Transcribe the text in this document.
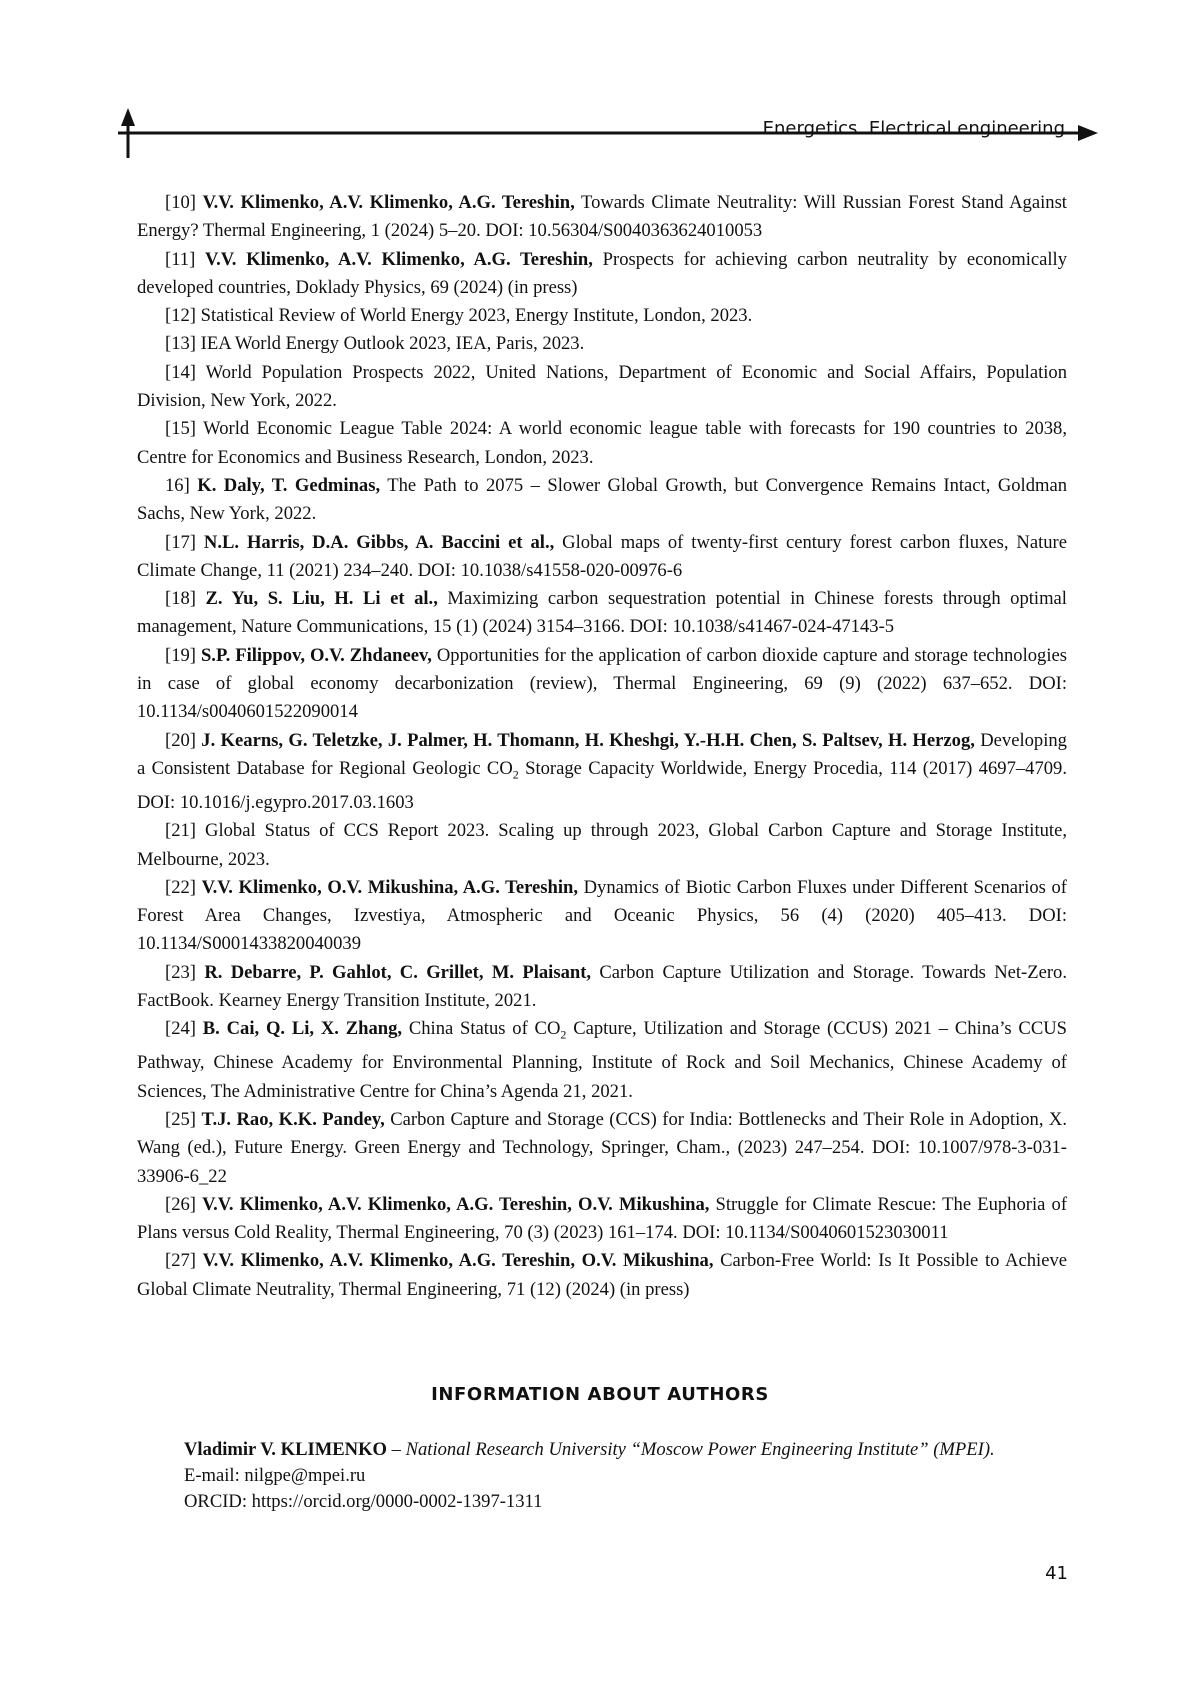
Energetics. Electrical engineering

[10] V.V. Klimenko, A.V. Klimenko, A.G. Tereshin, Towards Climate Neutrality: Will Russian Forest Stand Against Energy? Thermal Engineering, 1 (2024) 5–20. DOI: 10.56304/S0040363624010053

[11] V.V. Klimenko, A.V. Klimenko, A.G. Tereshin, Prospects for achieving carbon neutrality by economically developed countries, Doklady Physics, 69 (2024) (in press)

[12] Statistical Review of World Energy 2023, Energy Institute, London, 2023.

[13] IEA World Energy Outlook 2023, IEA, Paris, 2023.

[14] World Population Prospects 2022, United Nations, Department of Economic and Social Affairs, Population Division, New York, 2022.

[15] World Economic League Table 2024: A world economic league table with forecasts for 190 countries to 2038, Centre for Economics and Business Research, London, 2023.

16] K. Daly, T. Gedminas, The Path to 2075 – Slower Global Growth, but Convergence Remains Intact, Goldman Sachs, New York, 2022.

[17] N.L. Harris, D.A. Gibbs, A. Baccini et al., Global maps of twenty-first century forest carbon fluxes, Nature Climate Change, 11 (2021) 234–240. DOI: 10.1038/s41558-020-00976-6

[18] Z. Yu, S. Liu, H. Li et al., Maximizing carbon sequestration potential in Chinese forests through optimal management, Nature Communications, 15 (1) (2024) 3154–3166. DOI: 10.1038/s41467-024-47143-5

[19] S.P. Filippov, O.V. Zhdaneev, Opportunities for the application of carbon dioxide capture and storage technologies in case of global economy decarbonization (review), Thermal Engineering, 69 (9) (2022) 637–652. DOI: 10.1134/s0040601522090014

[20] J. Kearns, G. Teletzke, J. Palmer, H. Thomann, H. Kheshgi, Y.-H.H. Chen, S. Paltsev, H. Herzog, Developing a Consistent Database for Regional Geologic $CO_2$ Storage Capacity Worldwide, Energy Procedia, 114 (2017) 4697–4709. DOI: 10.1016/j.egypro.2017.03.1603

[21] Global Status of CCS Report 2023. Scaling up through 2023, Global Carbon Capture and Storage Institute, Melbourne, 2023.

[22] V.V. Klimenko, O.V. Mikushina, A.G. Tereshin, Dynamics of Biotic Carbon Fluxes under Different Scenarios of Forest Area Changes, Izvestiya, Atmospheric and Oceanic Physics, 56 (4) (2020) 405–413. DOI: 10.1134/S0001433820040039

[23] R. Debarre, P. Gahlot, C. Grillet, M. Plaisant, Carbon Capture Utilization and Storage. Towards Net-Zero. FactBook. Kearney Energy Transition Institute, 2021.

[24] B. Cai, Q. Li, X. Zhang, China Status of $CO_2$ Capture, Utilization and Storage (CCUS) 2021 – China’s CCUS Pathway, Chinese Academy for Environmental Planning, Institute of Rock and Soil Mechanics, Chinese Academy of Sciences, The Administrative Centre for China’s Agenda 21, 2021.

[25] T.J. Rao, K.K. Pandey, Carbon Capture and Storage (CCS) for India: Bottlenecks and Their Role in Adoption, X. Wang (ed.), Future Energy. Green Energy and Technology, Springer, Cham., (2023) 247–254. DOI: 10.1007/978-3-031-33906-6_22

[26] V.V. Klimenko, A.V. Klimenko, A.G. Tereshin, O.V. Mikushina, Struggle for Climate Rescue: The Euphoria of Plans versus Cold Reality, Thermal Engineering, 70 (3) (2023) 161–174. DOI: 10.1134/S0040601523030011

[27] V.V. Klimenko, A.V. Klimenko, A.G. Tereshin, O.V. Mikushina, Carbon-Free World: Is It Possible to Achieve Global Climate Neutrality, Thermal Engineering, 71 (12) (2024) (in press)

INFORMATION ABOUT AUTHORS
Vladimir V. KLIMENKO – National Research University “Moscow Power Engineering Institute” (MPEI).
E-mail: nilgpe@mpei.ru
ORCID: https://orcid.org/0000-0002-1397-1311
41
